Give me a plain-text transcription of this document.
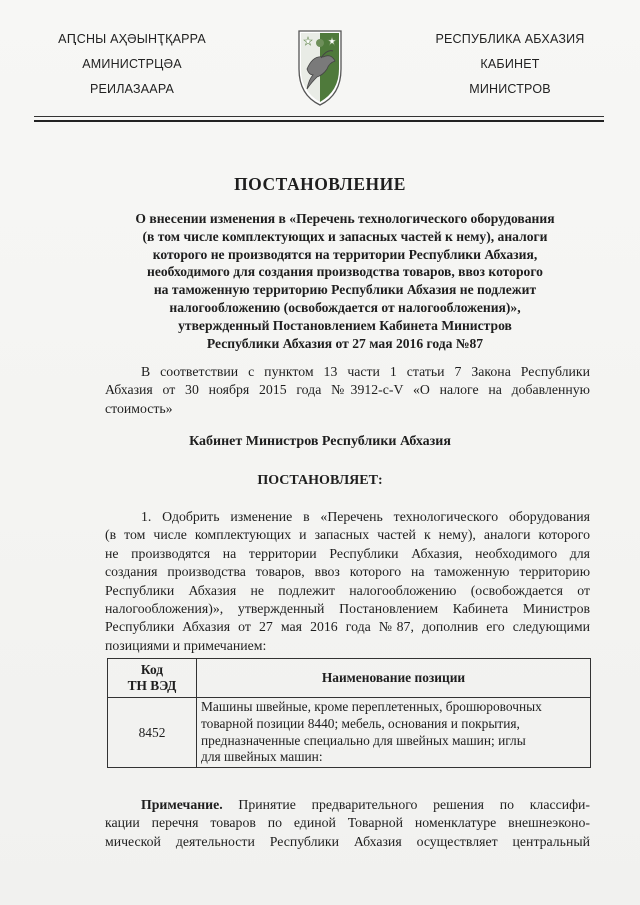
АԤСНЫ АҲӘЫНҬҚАРРА
АМИНИСТРЦӘА
РЕИЛАЗААРА
РЕСПУБЛИКА АБХАЗИЯ
КАБИНЕТ
МИНИСТРОВ
ПОСТАНОВЛЕНИЕ
О внесении изменения в «Перечень технологического оборудования
(в том числе комплектующих и запасных частей к нему), аналоги
которого не производятся на территории Республики Абхазия,
необходимого для создания производства товаров, ввоз которого
на таможенную территорию Республики Абхазия не подлежит
налогообложению (освобождается от налогообложения)»,
утвержденный Постановлением Кабинета Министров
Республики Абхазия от 27 мая 2016 года №87
В соответствии с пунктом 13 части 1 статьи 7 Закона Республики
Абхазия от 30 ноября 2015 года №3912-с-V «О налоге на добавленную
стоимость»
Кабинет Министров Республики Абхазия
ПОСТАНОВЛЯЕТ:
1. Одобрить изменение в «Перечень технологического оборудования
(в том числе комплектующих и запасных частей к нему), аналоги которого
не производятся на территории Республики Абхазия, необходимого для
создания производства товаров, ввоз которого на таможенную территорию
Республики Абхазия не подлежит налогообложению (освобождается от
налогообложения)», утвержденный Постановлением Кабинета Министров
Республики Абхазия от 27 мая 2016 года №87, дополнив его следующими
позициями и примечанием:
Код
ТН ВЭД	Наименование позиции
8452	Машины швейные, кроме переплетенных, брошюровочных
товарной позиции 8440; мебель, основания и покрытия,
предназначенные специально для швейных машин; иглы
для швейных машин:
Примечание. Принятие предварительного решения по классифи-
кации перечня товаров по единой Товарной номенклатуре внешнеэконо-
мической деятельности Республики Абхазия осуществляет центральный
